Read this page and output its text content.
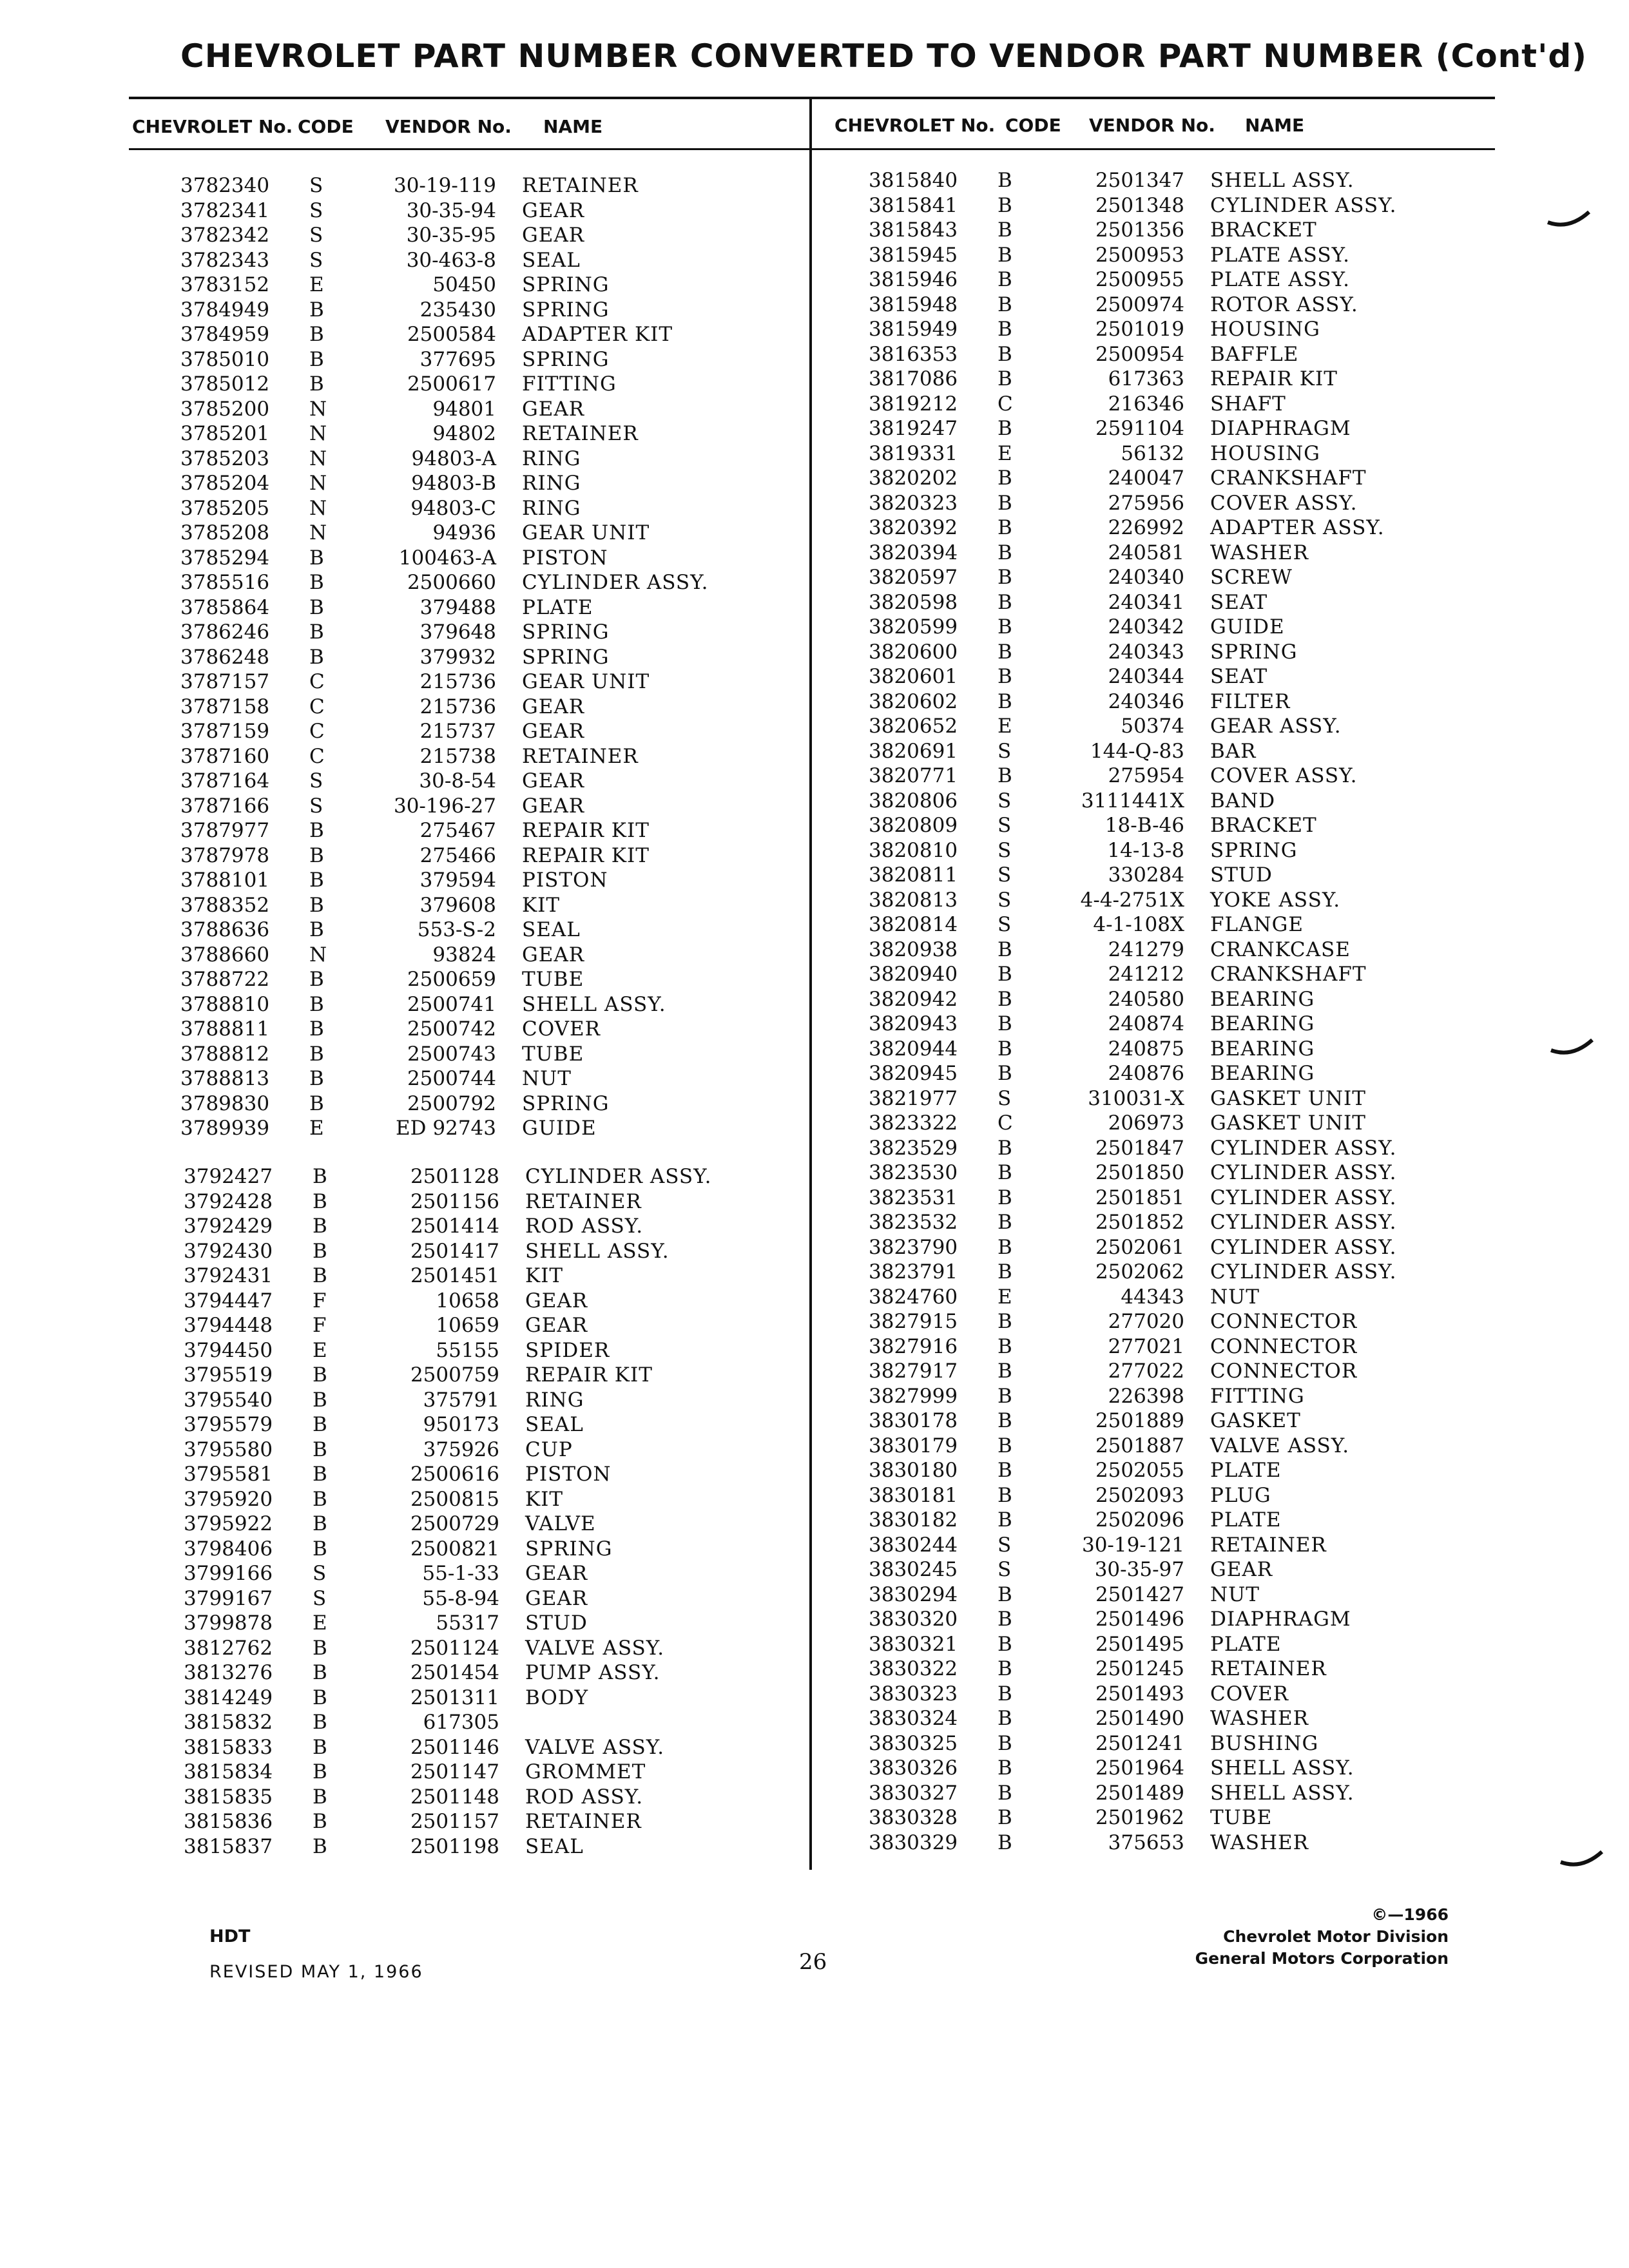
CHEVROLET PART NUMBER CONVERTED TO VENDOR PART NUMBER (Cont'd)
CHEVROLET No. CODE VENDOR No. NAME	CHEVROLET No. CODE VENDOR No. NAME
3782340 S	30-19-119 RETAINER
3782341 S	30-35-94 GEAR
3782342 S	30-35-95 GEAR
3782343 S	30-463-8 SEAL
3783152 E	50450 SPRING
3784949 B	235430 SPRING
3784959 B	2500584 ADAPTER KIT
3785010 B	377695 SPRING
3785012 B	2500617 FITTING
3785200 N	94801 GEAR
3785201 N	94802 RETAINER
3785203 N	94803-A RING
3785204 N	94803-B RING
3785205 N	94803-C RING
3785208 N	94936 GEAR UNIT
3785294 B	100463-A PISTON
3785516 B	2500660 CYLINDER ASSY.
3785864 B	379488 PLATE
3786246 B	379648 SPRING
3786248 B	379932 SPRING
3787157 C	215736 GEAR UNIT
3787158 C	215736 GEAR
3787159 C	215737 GEAR
3787160 C	215738 RETAINER
3787164 S	30-8-54 GEAR
3787166 S	30-196-27 GEAR
3787977 B	275467 REPAIR KIT
3787978 B	275466 REPAIR KIT
3788101 B	379594 PISTON
3788352 B	379608 KIT
3788636 B	553-S-2 SEAL
3788660 N	93824 GEAR
3788722 B	2500659 TUBE
3788810 B	2500741 SHELL ASSY.
3788811 B	2500742 COVER
3788812 B	2500743 TUBE
3788813 B	2500744 NUT
3789830 B	2500792 SPRING
3789939 E	ED 92743 GUIDE
3792427 B	2501128 CYLINDER ASSY.
3792428 B	2501156 RETAINER
3792429 B	2501414 ROD ASSY.
3792430 B	2501417 SHELL ASSY.
3792431 B	2501451 KIT
3794447 F	10658 GEAR
3794448 F	10659 GEAR
3794450 E	55155 SPIDER
3795519 B	2500759 REPAIR KIT
3795540 B	375791 RING
3795579 B	950173 SEAL
3795580 B	375926 CUP
3795581 B	2500616 PISTON
3795920 B	2500815 KIT
3795922 B	2500729 VALVE
3798406 B	2500821 SPRING
3799166 S	55-1-33 GEAR
3799167 S	55-8-94 GEAR
3799878 E	55317 STUD
3812762 B	2501124 VALVE ASSY.
3813276 B	2501454 PUMP ASSY.
3814249 B	2501311 BODY
3815832 B	617305
3815833 B	2501146 VALVE ASSY.
3815834 B	2501147 GROMMET
3815835 B	2501148 ROD ASSY.
3815836 B	2501157 RETAINER
3815837 B	2501198 SEAL
3815840 B	2501347 SHELL ASSY.
3815841 B	2501348 CYLINDER ASSY.
3815843 B	2501356 BRACKET
3815945 B	2500953 PLATE ASSY.
3815946 B	2500955 PLATE ASSY.
3815948 B	2500974 ROTOR ASSY.
3815949 B	2501019 HOUSING
3816353 B	2500954 BAFFLE
3817086 B	617363 REPAIR KIT
3819212 C	216346 SHAFT
3819247 B	2591104 DIAPHRAGM
3819331 E	56132 HOUSING
3820202 B	240047 CRANKSHAFT
3820323 B	275956 COVER ASSY.
3820392 B	226992 ADAPTER ASSY.
3820394 B	240581 WASHER
3820597 B	240340 SCREW
3820598 B	240341 SEAT
3820599 B	240342 GUIDE
3820600 B	240343 SPRING
3820601 B	240344 SEAT
3820602 B	240346 FILTER
3820652 E	50374 GEAR ASSY.
3820691 S	144-Q-83 BAR
3820771 B	275954 COVER ASSY.
3820806 S	3111441X BAND
3820809 S	18-B-46 BRACKET
3820810 S	14-13-8 SPRING
3820811 S	330284 STUD
3820813 S	4-4-2751X YOKE ASSY.
3820814 S	4-1-108X FLANGE
3820938 B	241279 CRANKCASE
3820940 B	241212 CRANKSHAFT
3820942 B	240580 BEARING
3820943 B	240874 BEARING
3820944 B	240875 BEARING
3820945 B	240876 BEARING
3821977 S	310031-X GASKET UNIT
3823322 C	206973 GASKET UNIT
3823529 B	2501847 CYLINDER ASSY.
3823530 B	2501850 CYLINDER ASSY.
3823531 B	2501851 CYLINDER ASSY.
3823532 B	2501852 CYLINDER ASSY.
3823790 B	2502061 CYLINDER ASSY.
3823791 B	2502062 CYLINDER ASSY.
3824760 E	44343 NUT
3827915 B	277020 CONNECTOR
3827916 B	277021 CONNECTOR
3827917 B	277022 CONNECTOR
3827999 B	226398 FITTING
3830178 B	2501889 GASKET
3830179 B	2501887 VALVE ASSY.
3830180 B	2502055 PLATE
3830181 B	2502093 PLUG
3830182 B	2502096 PLATE
3830244 S	30-19-121 RETAINER
3830245 S	30-35-97 GEAR
3830294 B	2501427 NUT
3830320 B	2501496 DIAPHRAGM
3830321 B	2501495 PLATE
3830322 B	2501245 RETAINER
3830323 B	2501493 COVER
3830324 B	2501490 WASHER
3830325 B	2501241 BUSHING
3830326 B	2501964 SHELL ASSY.
3830327 B	2501489 SHELL ASSY.
3830328 B	2501962 TUBE
3830329 B	375653 WASHER
HDT
REVISED MAY 1, 1966	26
©—1966
Chevrolet Motor Division
General Motors Corporation
